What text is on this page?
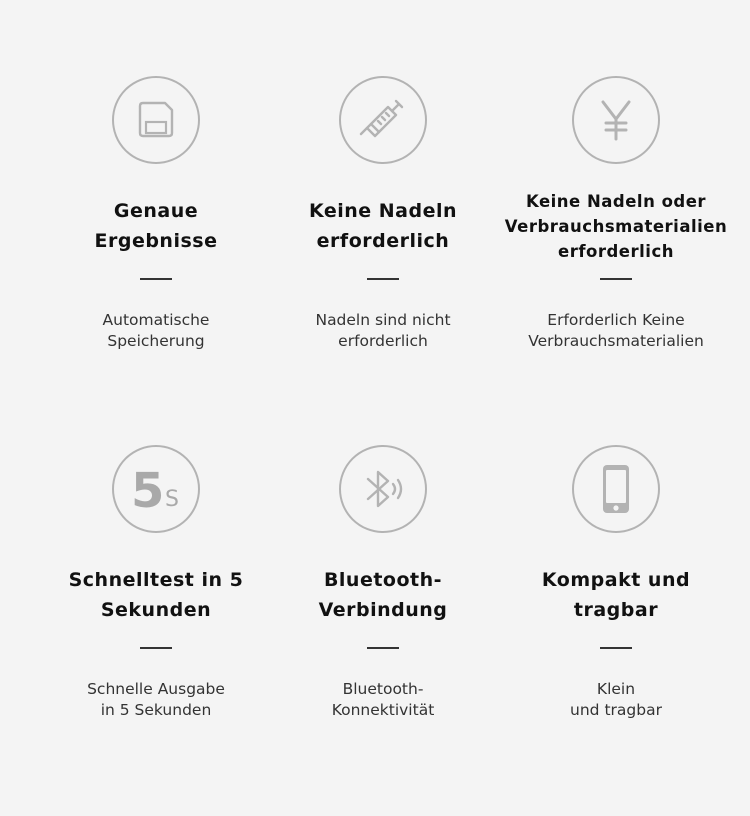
Genaue
Ergebnisse
Automatische
Speicherung
Keine Nadeln
erforderlich
Nadeln sind nicht
erforderlich
Keine Nadeln oder
Verbrauchsmaterialien
erforderlich
Erforderlich Keine
Verbrauchsmaterialien
5 S
Schnelltest in 5
Sekunden
Schnelle Ausgabe
in 5 Sekunden
Bluetooth-
Verbindung
Bluetooth-
Konnektivität
Kompakt und
tragbar
Klein
und tragbar
